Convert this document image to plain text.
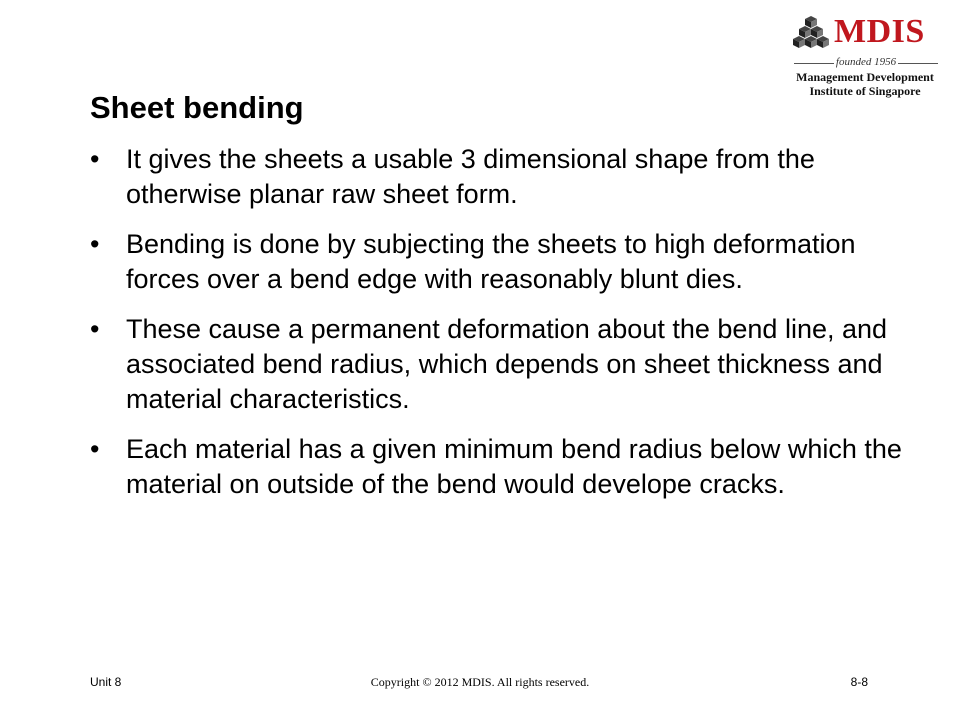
MDIS
founded 1956
Management Development
Institute of Singapore
Sheet bending
• It gives the sheets a usable 3 dimensional shape from the otherwise planar raw sheet form.
• Bending is done by subjecting the sheets to high deformation forces over a bend edge with reasonably blunt dies.
• These cause a permanent deformation about the bend line, and associated bend radius, which depends on sheet thickness and material characteristics.
• Each material has a given minimum bend radius below which the material on outside of the bend would develope cracks.
Unit 8	Copyright © 2012 MDIS. All rights reserved.	8-8
